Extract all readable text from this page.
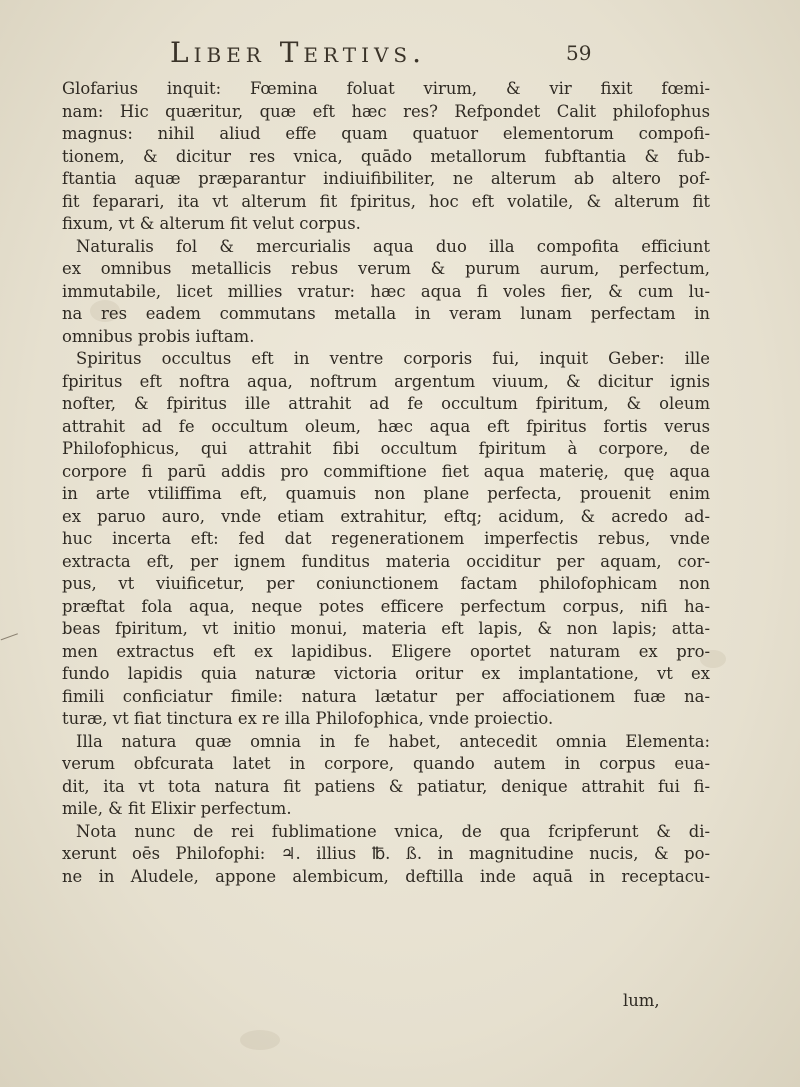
Liber Tertivs.	59
Glofarius inquit: Fœmina foluat virum, & vir fixit fœmi-
nam: Hic quæritur, quæ eft hæc res? Refpondet Calit philofophus
magnus: nihil aliud effe quam quatuor elementorum compofi-
tionem, & dicitur res vnica, quādo metallorum fubftantia & fub-
ftantia aquæ præparantur indiuifibiliter, ne alterum ab altero pof-
fit feparari, ita vt alterum fit fpiritus, hoc eft volatile, & alterum fit
fixum, vt & alterum fit velut corpus.
Naturalis fol & mercurialis aqua duo illa compofita efficiunt
ex omnibus metallicis rebus verum & purum aurum, perfectum,
immutabile, licet millies vratur: hæc aqua fi voles fier, & cum lu-
na res eadem commutans metalla in veram lunam perfectam in
omnibus probis iuftam.
Spiritus occultus eft in ventre corporis fui, inquit Geber: ille
fpiritus eft noftra aqua, noftrum argentum viuum, & dicitur ignis
nofter, & fpiritus ille attrahit ad fe occultum fpiritum, & oleum
attrahit ad fe occultum oleum, hæc aqua eft fpiritus fortis verus
Philofophicus, qui attrahit fibi occultum fpiritum à corpore, de
corpore fi parū addis pro commiftione fiet aqua materię, quę aqua
in arte vtiliffima eft, quamuis non plane perfecta, prouenit enim
ex paruo auro, vnde etiam extrahitur, eftq; acidum, & acredo ad-
huc incerta eft: fed dat regenerationem imperfectis rebus, vnde
extracta eft, per ignem funditus materia occiditur per aquam, cor-
pus, vt viuificetur, per coniunctionem factam philofophicam non
præftat fola aqua, neque potes efficere perfectum corpus, nifi ha-
beas fpiritum, vt initio monui, materia eft lapis, & non lapis; atta-
men extractus eft ex lapidibus. Eligere oportet naturam ex pro-
fundo lapidis quia naturæ victoria oritur ex implantatione, vt ex
fimili conficiatur fimile: natura lætatur per affociationem fuæ na-
turæ, vt fiat tinctura ex re illa Philofophica, vnde proiectio.
Illa natura quæ omnia in fe habet, antecedit omnia Elementa:
verum obfcurata latet in corpore, quando autem in corpus eua-
dit, ita vt tota natura fit patiens & patiatur, denique attrahit fui fi-
mile, & fit Elixir perfectum.
Nota nunc de rei fublimatione vnica, de qua fcripferunt & di-
xerunt oēs Philofophi: ♃. illius ℔. ß. in magnitudine nucis, & po-
ne in Aludele, appone alembicum, deftilla inde aquā in receptacu-
lum,
